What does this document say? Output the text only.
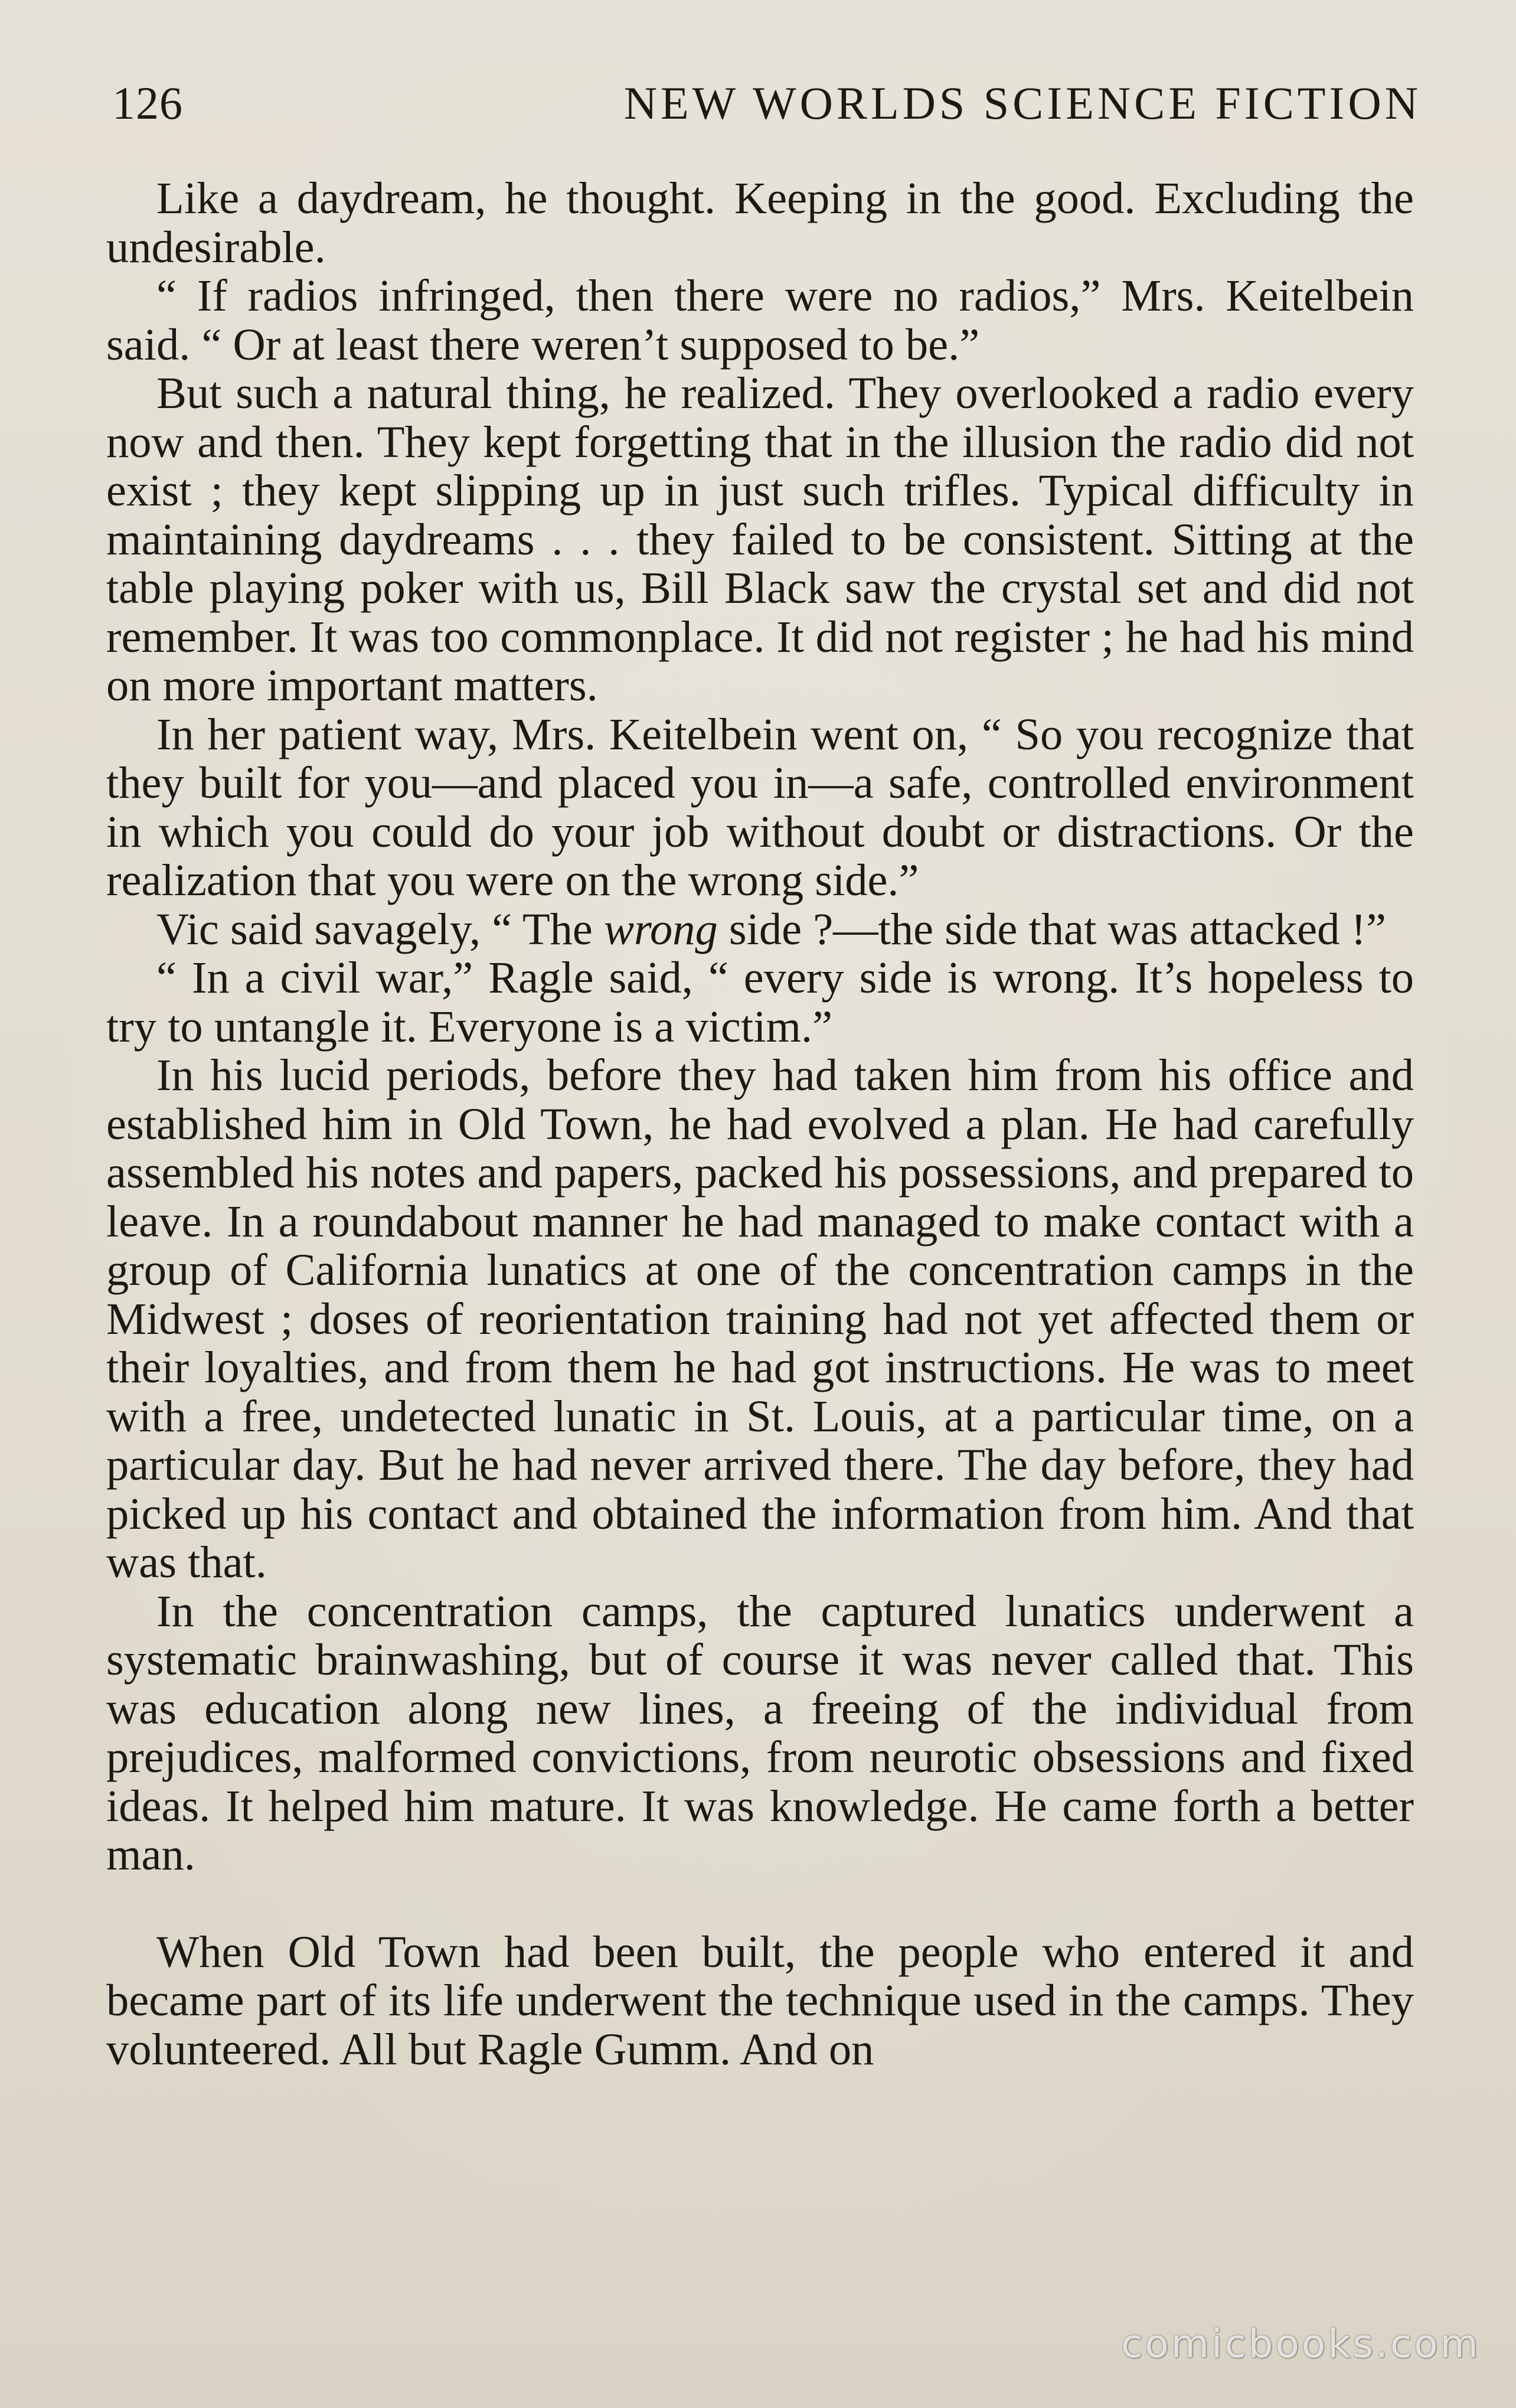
126	NEW WORLDS SCIENCE FICTION

Like a daydream, he thought. Keeping in the good. Excluding the undesirable.

“ If radios infringed, then there were no radios,” Mrs. Keitelbein said. “ Or at least there weren’t supposed to be.”

But such a natural thing, he realized. They overlooked a radio every now and then. They kept forgetting that in the illusion the radio did not exist ; they kept slipping up in just such trifles. Typical difficulty in maintaining daydreams . . . they failed to be consistent. Sitting at the table playing poker with us, Bill Black saw the crystal set and did not remember. It was too commonplace. It did not register ; he had his mind on more important matters.

In her patient way, Mrs. Keitelbein went on, “ So you recognize that they built for you—and placed you in—a safe, controlled environment in which you could do your job without doubt or distractions. Or the realization that you were on the wrong side.”

Vic said savagely, “ The wrong side ?—the side that was attacked !”

“ In a civil war,” Ragle said, “ every side is wrong. It’s hopeless to try to untangle it. Everyone is a victim.”

In his lucid periods, before they had taken him from his office and established him in Old Town, he had evolved a plan. He had carefully assembled his notes and papers, packed his possessions, and prepared to leave. In a roundabout manner he had managed to make contact with a group of California lunatics at one of the concentration camps in the Midwest ; doses of reorientation training had not yet affected them or their loyalties, and from them he had got instructions. He was to meet with a free, undetected lunatic in St. Louis, at a particular time, on a particular day. But he had never arrived there. The day before, they had picked up his contact and obtained the information from him. And that was that.

In the concentration camps, the captured lunatics underwent a systematic brainwashing, but of course it was never called that. This was education along new lines, a freeing of the individual from prejudices, malformed convictions, from neurotic obsessions and fixed ideas. It helped him mature. It was knowledge. He came forth a better man.

When Old Town had been built, the people who entered it and became part of its life underwent the technique used in the camps. They volunteered. All but Ragle Gumm. And on

comicbooks.com
